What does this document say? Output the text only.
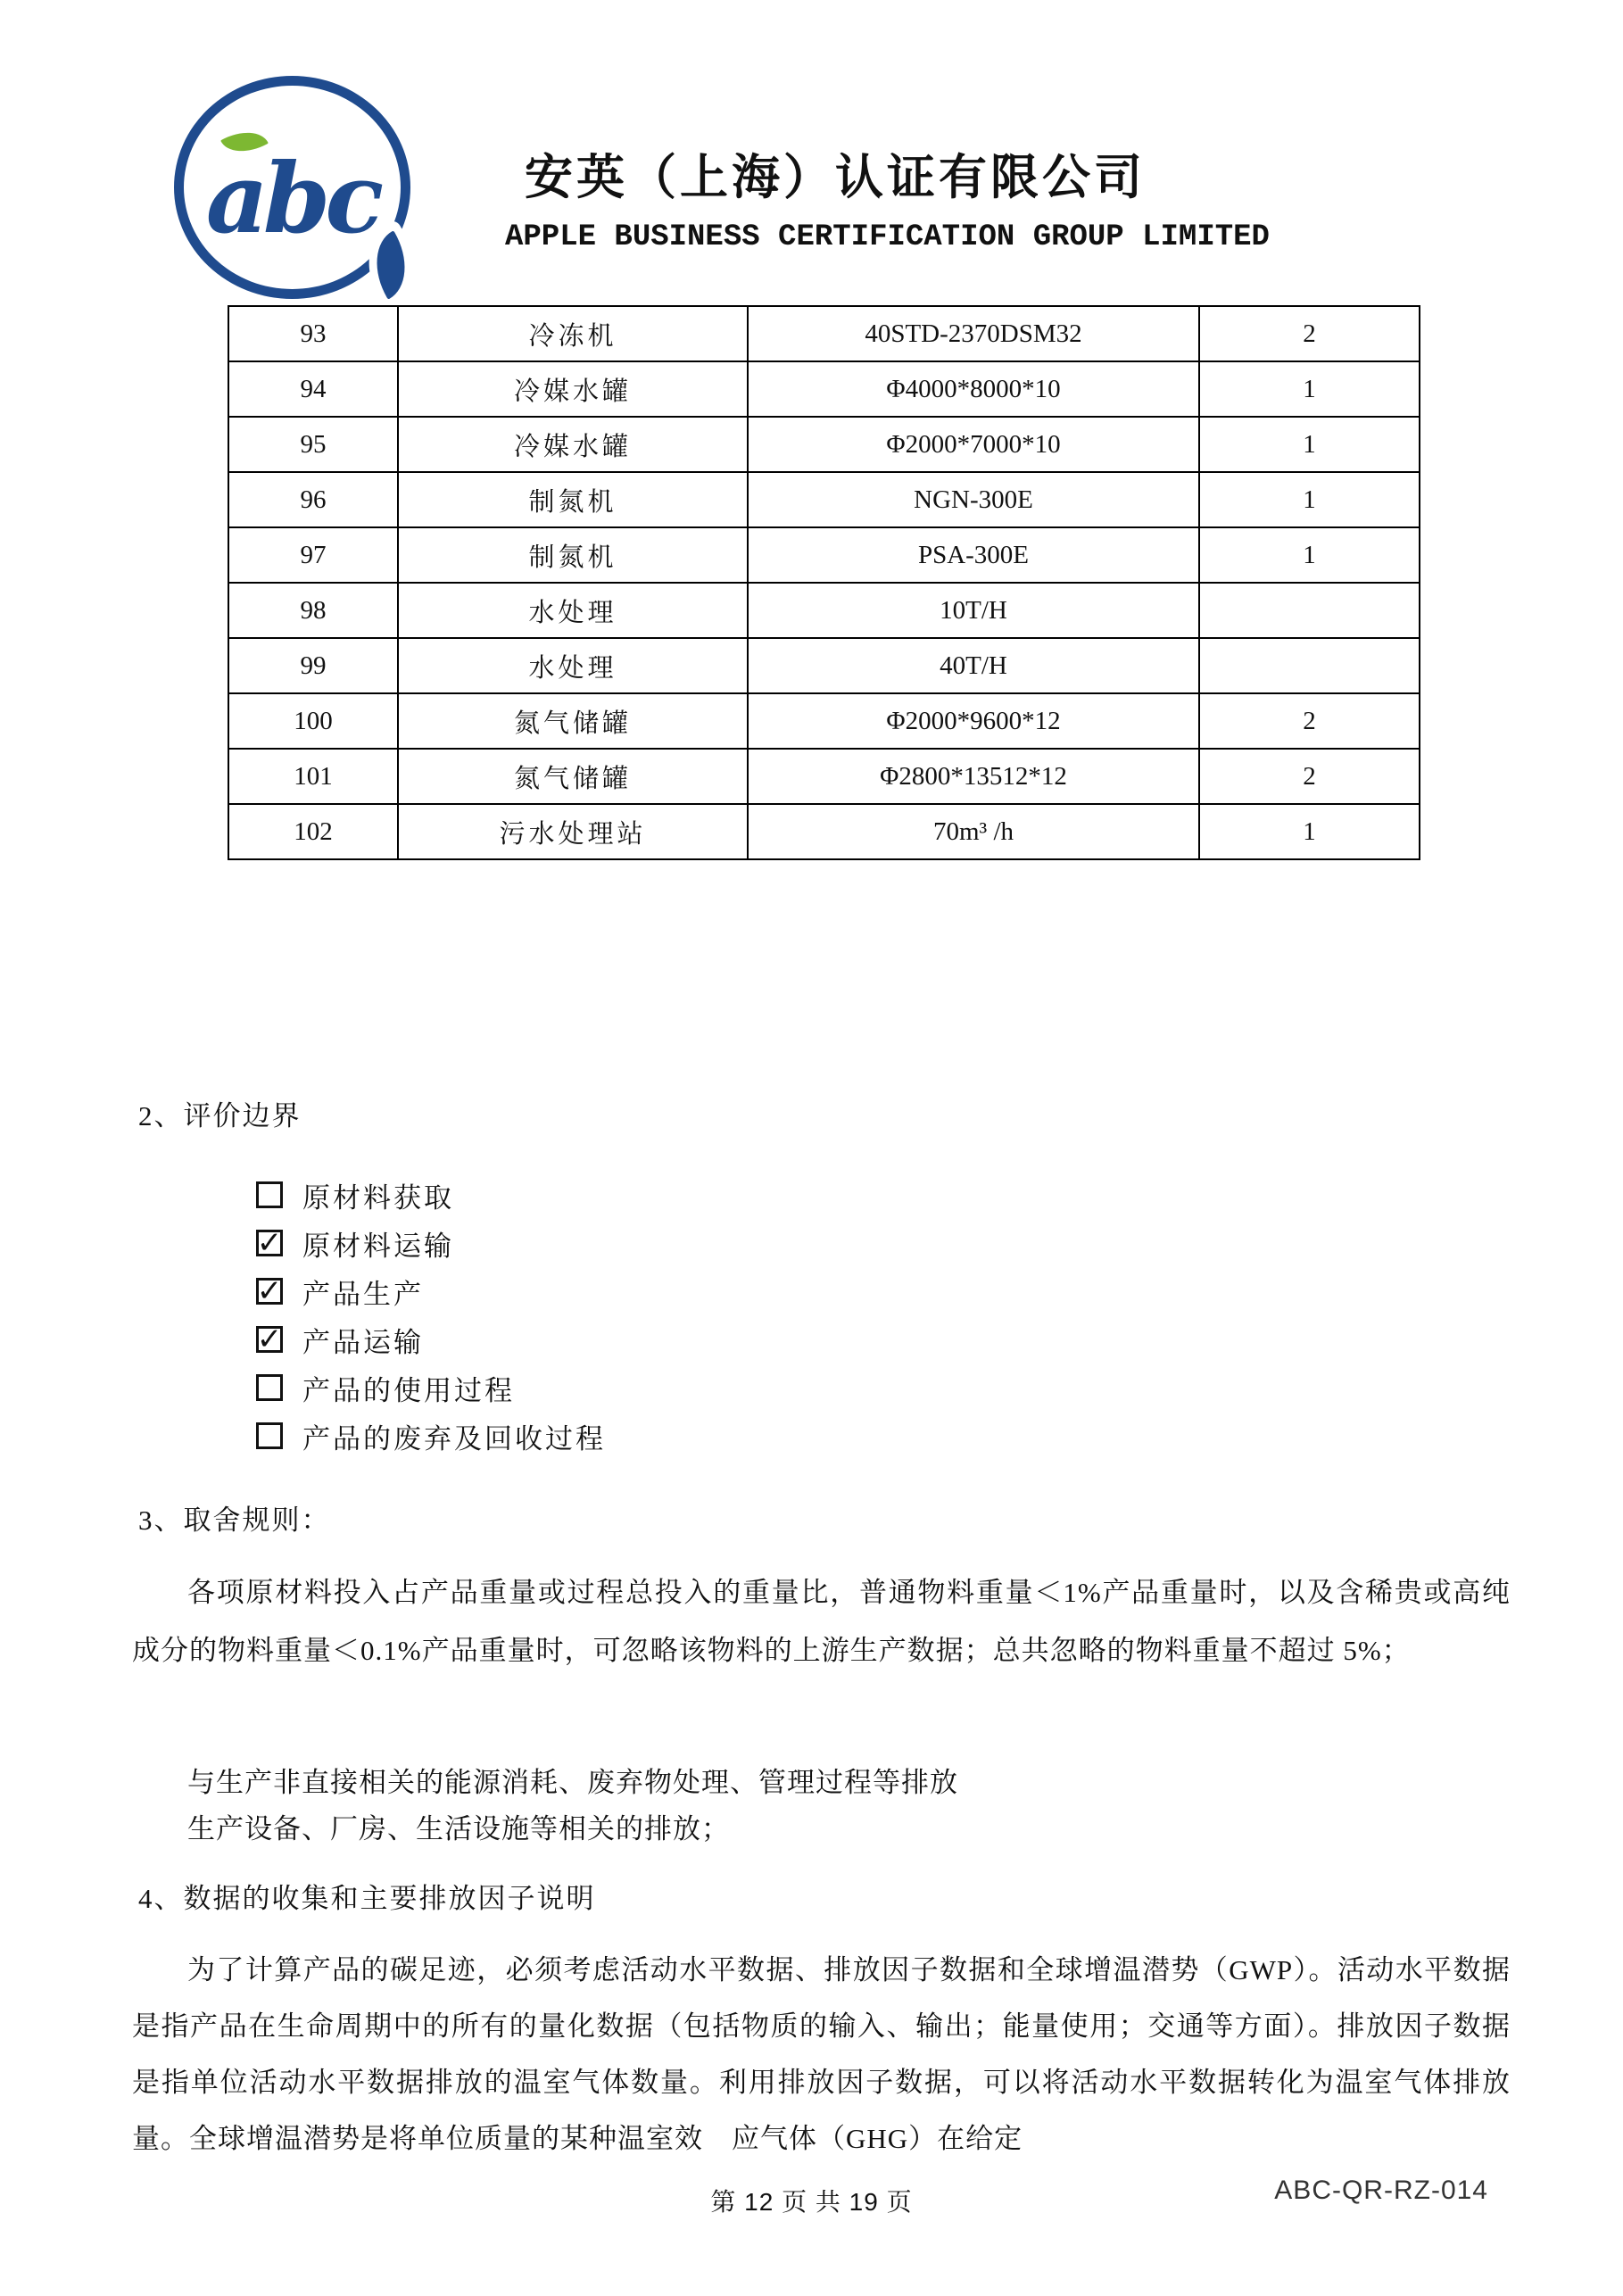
abc	安英（上海）认证有限公司
APPLE BUSINESS CERTIFICATION GROUP LIMITED
93	冷冻机	40STD-2370DSM32	2
94	冷媒水罐	Φ4000*8000*10	1
95	冷媒水罐	Φ2000*7000*10	1
96	制氮机	NGN-300E	1
97	制氮机	PSA-300E	1
98	水处理	10T/H	
99	水处理	40T/H	
100	氮气储罐	Φ2000*9600*12	2
101	氮气储罐	Φ2800*13512*12	2
102	污水处理站	70m³ /h	1
2、评价边界
原材料获取
✓ 原材料运输
✓ 产品生产
✓ 产品运输
产品的使用过程
产品的废弃及回收过程
3、取舍规则：
各项原材料投入占产品重量或过程总投入的重量比，普通物料重量＜1%产品重量时，以及含稀贵或高纯成分的物料重量＜0.1%产品重量时，可忽略该物料的上游生产数据；总共忽略的物料重量不超过 5%；
与生产非直接相关的能源消耗、废弃物处理、管理过程等排放
生产设备、厂房、生活设施等相关的排放；
4、数据的收集和主要排放因子说明
为了计算产品的碳足迹，必须考虑活动水平数据、排放因子数据和全球增温潜势（GWP）。活动水平数据是指产品在生命周期中的所有的量化数据（包括物质的输入、输出；能量使用；交通等方面）。排放因子数据是指单位活动水平数据排放的温室气体数量。利用排放因子数据，可以将活动水平数据转化为温室气体排放量。全球增温潜势是将单位质量的某种温室效　应气体（GHG）在给定
第 12 页 共 19 页	ABC-QR-RZ-014
